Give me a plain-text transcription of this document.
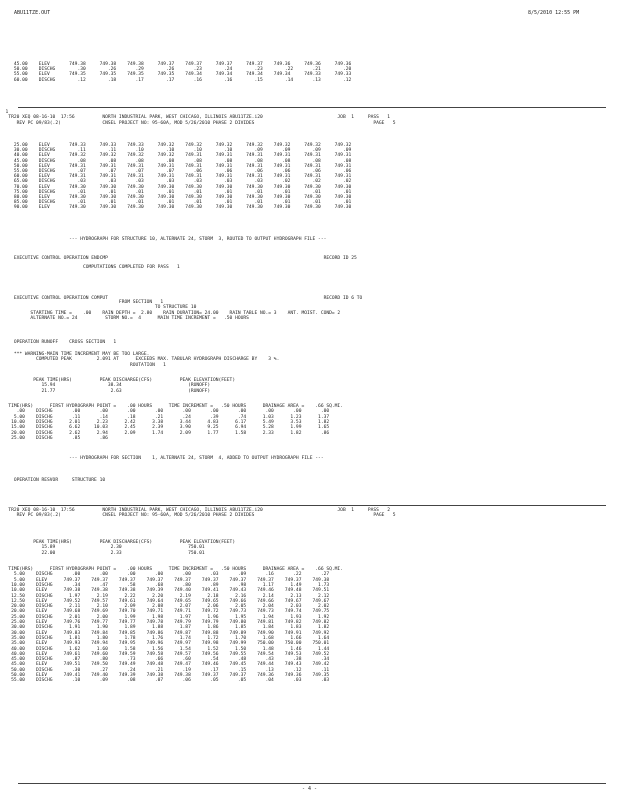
ABU11TZE.OUT	8/5/2010 12:55 PM
45.00    ELEV       749.38     749.38    749.38     749.37    749.37     749.37     749.37    749.36     749.36     749.36
50.00    DISCHG        .30        .26       .29        .26       .23        .24        .23        .22       .21        .20
55.00    ELEV       749.35     749.35    749.35     749.35    749.34     749.34     749.34    749.34     749.33     749.33
60.00    DISCHG        .12        .18       .17        .17       .16        .16        .15        .14       .13        .12
1
TR20 XEQ 08-16-10  17:56          NORTH INDUSTRIAL PARK, WEST CHICAGO, ILLINOIS ABU11TZE.i20                           JOB  1     PASS   1
REV PC 09/83(.2)               CNSEL PROJECT NO: 95-60A, MOD 5/26/2010 PHASE 2 DIVIDES                                           PAGE   5
25.00    ELEV       749.33     749.33    749.33     749.32    749.32     749.32     749.32    749.32     749.32     749.32
30.00    DISCHG        .11        .11       .10        .10       .10        .10        .09       .09        .09        .09
40.00    ELEV       749.32     749.32    749.32     749.32    749.31     749.31     749.31    749.31     749.31     749.31
45.00    DISCHG        .08        .08       .08        .08       .08        .08        .08       .08        .08        .08
50.00    ELEV       749.31     749.31    749.31     749.31    749.31     749.31     749.31    749.31     749.31     749.31
55.00    DISCHG        .07        .07       .07        .07       .06        .06        .06       .06        .06        .06
60.00    ELEV       749.31     749.31    749.31     749.31    749.31     749.31     749.31    749.31     749.31     749.31
65.00    DISCHG        .03        .03       .03        .03       .03        .03        .03       .02        .02        .02
70.00    ELEV       749.30     749.30    749.30     749.30    749.30     749.30     749.30    749.30     749.30     749.30
75.00    DISCHG        .01        .01       .01        .01       .01        .01        .01       .01        .01        .01
80.00    ELEV       749.30     749.30    749.30     749.30    749.30     749.30     749.30    749.30     749.30     749.30
85.00    DISCHG        .01        .01       .01        .01       .01        .01        .01       .01        .01        .01
90.00    ELEV       749.30     749.30    749.30     749.30    749.30     749.30     749.30    749.30     749.30     749.30
--- HYDROGRAPH FOR STRUCTURE 10, ALTERNATE 24, STORM  3, ROUTED TO OUTPUT HYDROGRAPH FILE ---
EXECUTIVE CONTROL OPERATION ENDCMP                                                                              RECORD ID 25
COMPUTATIONS COMPLETED FOR PASS   1
EXECUTIVE CONTROL OPERATION COMPUT                                                                              RECORD ID 6 TO
FROM SECTION   1
TO STRUCTURE 10
STARTING TIME =    .00    RAIN DEPTH =  2.80    RAIN DURATION= 24.00    RAIN TABLE NO.= 3    ANT. MOIST. COND= 2
ALTERNATE NO.= 24          STORM NO.=  4      MAIN TIME INCREMENT =   .50 HOURS
OPERATION RUNOFF    CROSS SECTION   1
*** WARNING-MAIN TIME INCREMENT MAY BE TOO LARGE.
COMPUTED PEAK         2.091 AT      EXCEEDS MAX. TABULAR HYDROGRAPH DISCHARGE BY    3 %.
ROUTATION   1
PEAK TIME(HRS)          PEAK DISCHARGE(CFS)          PEAK ELEVATION(FEET)
15.94                   38.34                        (RUNOFF)
21.77                    2.63                        (RUNOFF)
TIME(HRS)      FIRST HYDROGRAPH POINT =    .00 HOURS      TIME INCREMENT =   .50 HOURS      DRAINAGE AREA =    .66 SQ.MI.
.00    DISCHG       .00       .00       .00       .00       .00       .00       .00       .00       .00       .00
5.00    DISCHG       .11       .14       .18       .21       .24       .39       .74      1.03      1.23      1.37
10.00    DISCHG      2.01      2.23      2.42      3.38      3.44      4.83      6.17      5.49      3.53      1.82
15.00    DISCHG      6.62     10.03      2.45      2.39      3.90      9.25      6.94      5.28      1.99      1.65
20.00    DISCHG      2.62      2.94      2.09      1.74      2.09      1.77      1.58      2.33      1.82       .86
25.00    DISCHG       .85       .86
--- HYDROGRAPH FOR SECTION    1, ALTERNATE 24, STORM  4, ADDED TO OUTPUT HYDROGRAPH FILE ---
OPERATION RESVOR     STRUCTURE 10
TR20 XEQ 08-16-10  17:56          NORTH INDUSTRIAL PARK, WEST CHICAGO, ILLINOIS ABU11TZE.i20                           JOB  1     PASS   2
REV PC 09/83(.2)               CNSEL PROJECT NO: 95-60A, MOD 5/26/2010 PHASE 2 DIVIDES                                           PAGE   5
PEAK TIME(HRS)          PEAK DISCHARGE(CFS)          PEAK ELEVATION(FEET)
15.89                    2.30                        750.01
22.00                    2.33                        750.01
TIME(HRS)      FIRST HYDROGRAPH POINT =    .00 HOURS      TIME INCREMENT =   .50 HOURS      DRAINAGE AREA =    .66 SQ.MI.
5.00    DISCHG       .00       .00       .00       .00       .00       .03       .09       .16       .22       .27
5.00    ELEV      749.37    749.37    749.37    749.37    749.37    749.37    749.37    749.37    749.37    749.38
10.00    DISCHG       .34       .47       .58       .68       .80       .89       .98      1.17      1.49      1.73
10.00    ELEV      749.38    749.38    749.38    749.39    749.40    749.41    749.43    749.46    749.48    749.51
12.50    DISCHG      1.97      2.19      2.22      2.20      2.19      2.18      2.16      2.14      2.13      2.12
12.50    ELEV      749.52    749.57    749.61    749.64    749.65    749.65    749.66    749.66    749.67    749.67
20.00    DISCHG      2.11      2.10      2.09      2.08      2.07      2.06      2.05      2.04      2.03      2.02
20.00    ELEV      749.68    749.69    749.70    749.71    749.71    749.72    749.73    749.73    749.74    749.75
25.00    DISCHG      2.01      2.00      1.99      1.98      1.97      1.96      1.95      1.94      1.93      1.92
25.00    ELEV      749.76    749.77    749.77    749.78    749.79    749.79    749.80    749.81    749.82    749.82
30.00    DISCHG      1.91      1.90      1.89      1.88      1.87      1.86      1.85      1.84      1.83      1.82
30.00    ELEV      749.83    749.84    749.85    749.86    749.87    749.88    749.89    749.90    749.91    749.92
35.00    DISCHG      1.81      1.80      1.78      1.76      1.74      1.72      1.70      1.68      1.66      1.64
35.00    ELEV      749.93    749.94    749.95    749.96    749.97    749.98    749.99    750.00    750.00    750.01
40.00    DISCHG      1.62      1.60      1.58      1.56      1.54      1.52      1.50      1.48      1.46      1.44
40.00    ELEV      749.61    749.60    749.59    749.58    749.57    749.56    749.55    749.54    749.53    749.52
45.00    DISCHG       .87       .80       .73       .66       .60       .54       .48       .43       .38       .34
45.00    ELEV      749.51    749.50    749.49    749.48    749.47    749.46    749.45    749.44    749.43    749.42
50.00    DISCHG       .30       .27       .24       .21       .19       .17       .15       .13       .12       .11
50.00    ELEV      749.41    749.40    749.39    749.38    749.38    749.37    749.37    749.36    749.36    749.35
55.00    DISCHG       .10       .09       .08       .07       .06       .05       .05       .04       .03       .03
- 4 -
